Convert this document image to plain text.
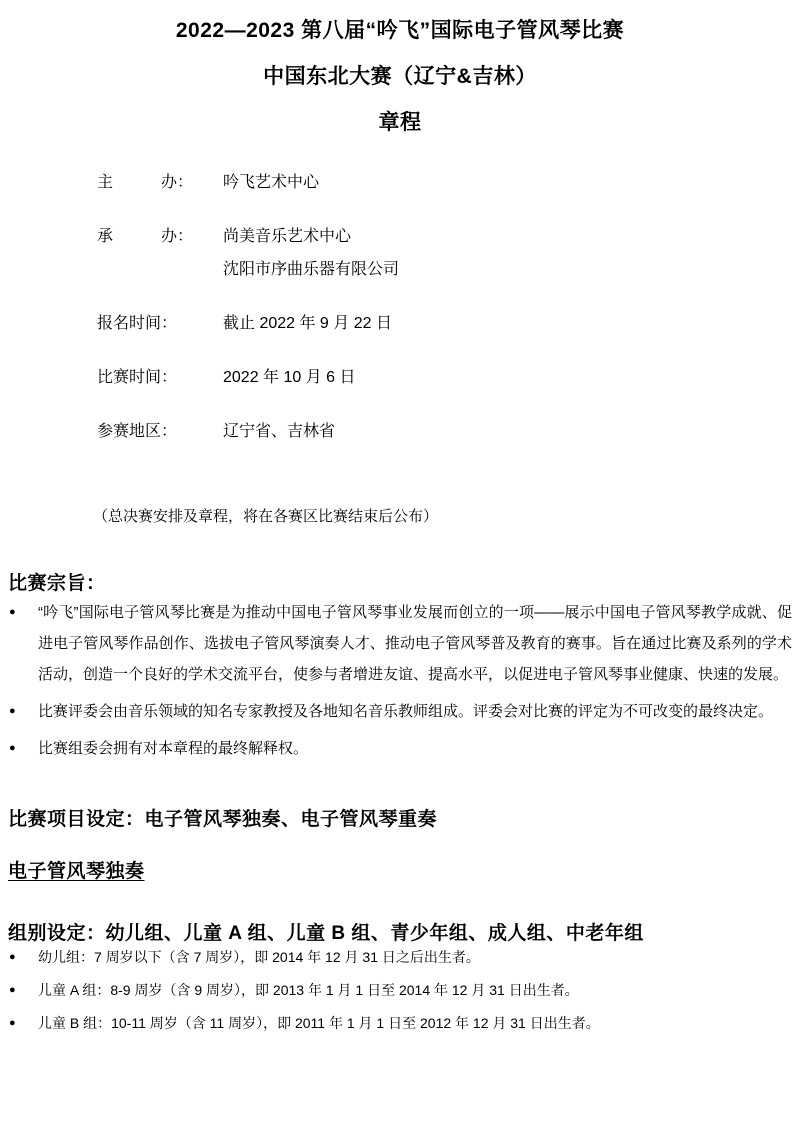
2022—2023 第八届“吟飞”国际电子管风琴比赛
中国东北大赛（辽宁&吉林）
章程
主　　　办：	吟飞艺术中心
承　　　办：	尚美音乐艺术中心
沈阳市序曲乐器有限公司
报名时间：	截止 2022 年 9 月 22 日
比赛时间：	2022 年 10 月 6 日
参赛地区：	辽宁省、吉林省
（总决赛安排及章程，将在各赛区比赛结束后公布）
比赛宗旨：
● “吟飞”国际电子管风琴比赛是为推动中国电子管风琴事业发展而创立的一项——展示中国电子管风琴教学成就、促进电子管风琴作品创作、选拔电子管风琴演奏人才、推动电子管风琴普及教育的赛事。旨在通过比赛及系列的学术活动，创造一个良好的学术交流平台，使参与者增进友谊、提高水平，以促进电子管风琴事业健康、快速的发展。
● 比赛评委会由音乐领域的知名专家教授及各地知名音乐教师组成。评委会对比赛的评定为不可改变的最终决定。
● 比赛组委会拥有对本章程的最终解释权。
比赛项目设定：电子管风琴独奏、电子管风琴重奏
电子管风琴独奏
组别设定：幼儿组、儿童 A 组、儿童 B 组、青少年组、成人组、中老年组
● 幼儿组：7 周岁以下（含 7 周岁），即 2014 年 12 月 31 日之后出生者。
● 儿童 A 组：8-9 周岁（含 9 周岁），即 2013 年 1 月 1 日至 2014 年 12 月 31 日出生者。
● 儿童 B 组：10-11 周岁（含 11 周岁），即 2011 年 1 月 1 日至 2012 年 12 月 31 日出生者。
